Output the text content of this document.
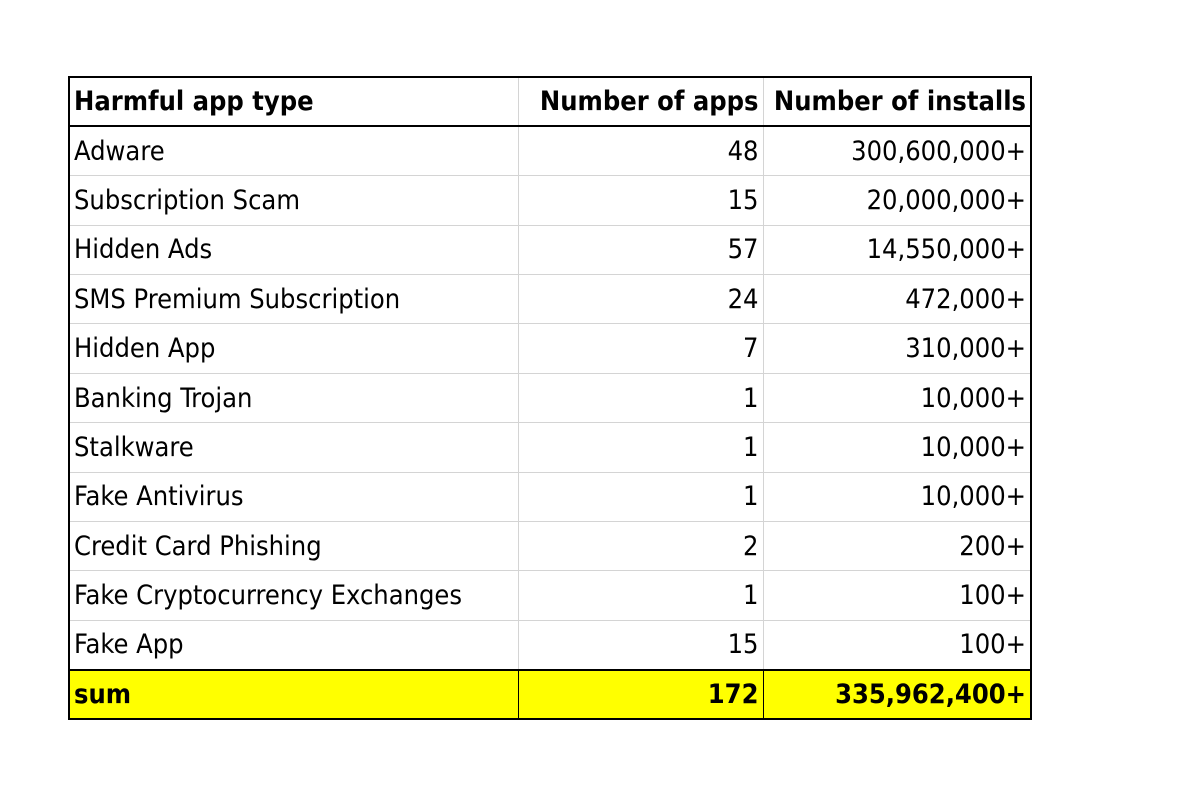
Harmful app type	Number of apps	Number of installs
Adware	48	300,600,000+
Subscription Scam	15	20,000,000+
Hidden Ads	57	14,550,000+
SMS Premium Subscription	24	472,000+
Hidden App	7	310,000+
Banking Trojan	1	10,000+
Stalkware	1	10,000+
Fake Antivirus	1	10,000+
Credit Card Phishing	2	200+
Fake Cryptocurrency Exchanges	1	100+
Fake App	15	100+
sum	172	335,962,400+
